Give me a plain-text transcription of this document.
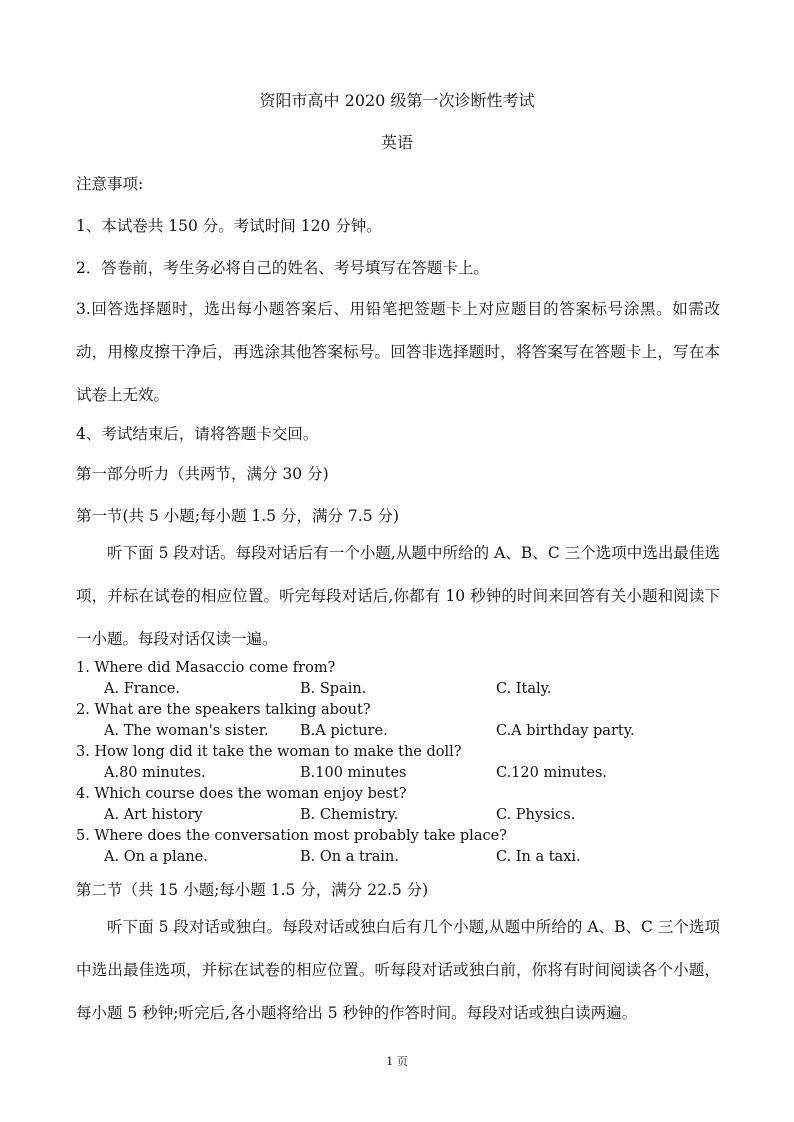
资阳市高中 2020 级第一次诊断性考试
英语
注意事项:
1、本试卷共 150 分。考试时间 120 分钟。
2．答卷前，考生务必将自己的姓名、考号填写在答题卡上。
3.回答选择题时，选出每小题答案后、用铅笔把签题卡上对应题目的答案标号涂黑。如需改动，用橡皮擦干净后，再选涂其他答案标号。回答非选择题时，将答案写在答题卡上，写在本试卷上无效。
4、考试结束后，请将答题卡交回。
第一部分听力（共两节，满分 30 分)
第一节(共 5 小题;每小题 1.5 分，满分 7.5 分)
听下面 5 段对话。每段对话后有一个小题,从题中所给的 A、B、C 三个选项中选出最佳选项，并标在试卷的相应位置。听完每段对话后,你都有 10 秒钟的时间来回答有关小题和阅读下一小题。每段对话仅读一遍。
1. Where did Masaccio come from?
A. France.	B. Spain.	C. Italy.
2. What are the speakers talking about?
A. The woman's sister. B.A picture.	C.A birthday party.
3. How long did it take the woman to make the doll?
A.80 minutes.	B.100 minutes	C.120 minutes.
4. Which course does the woman enjoy best?
A. Art history	B. Chemistry.	C. Physics.
5. Where does the conversation most probably take place?
A. On a plane.	B. On a train.	C. In a taxi.
第二节（共 15 小题;每小题 1.5 分，满分 22.5 分)
听下面 5 段对话或独白。每段对话或独白后有几个小题,从题中所给的 A、B、C 三个选项中选出最佳选项，并标在试卷的相应位置。听每段对话或独白前，你将有时间阅读各个小题，每小题 5 秒钟;听完后,各小题将给出 5 秒钟的作答时间。每段对话或独白读两遍。
1 页
